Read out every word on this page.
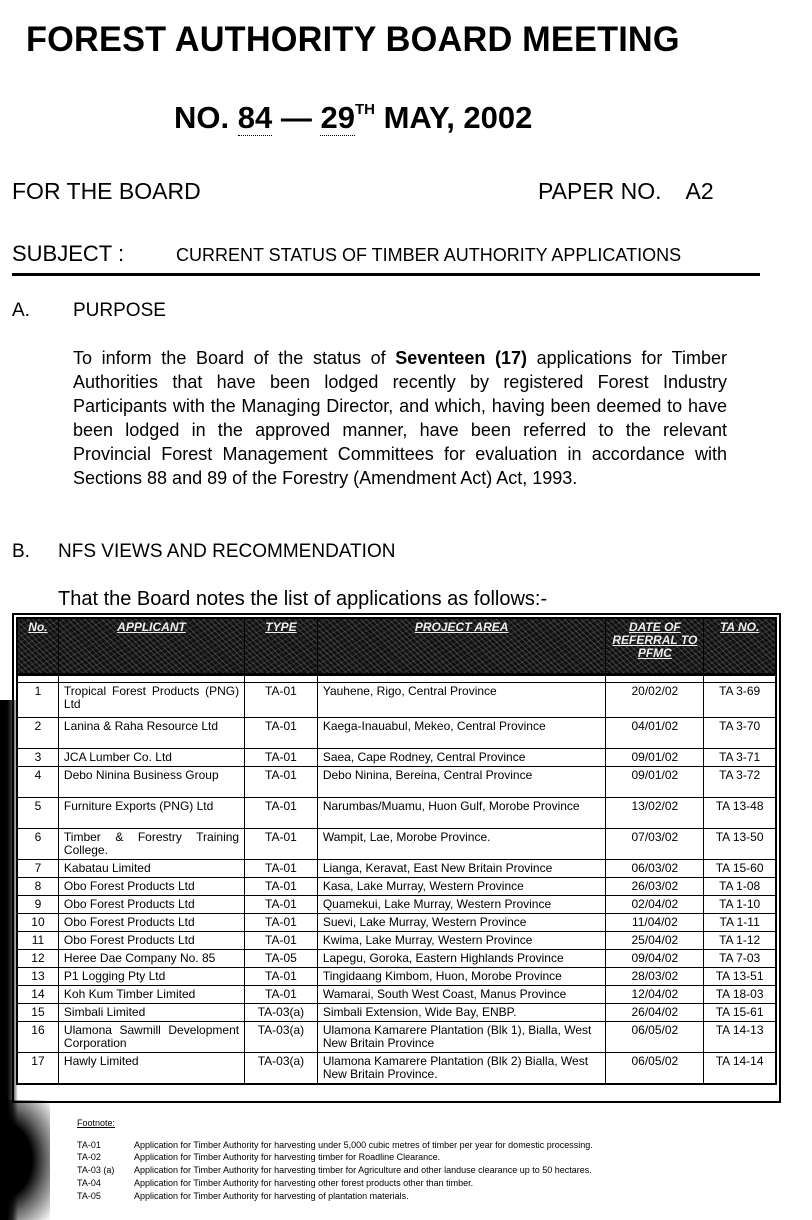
FOREST AUTHORITY BOARD MEETING
NO. 84 — 29TH MAY, 2002
FOR THE BOARD	PAPER NO. A2
SUBJECT :	CURRENT STATUS OF TIMBER AUTHORITY APPLICATIONS
A. PURPOSE
To inform the Board of the status of Seventeen (17) applications for Timber Authorities that have been lodged recently by registered Forest Industry Participants with the Managing Director, and which, having been deemed to have been lodged in the approved manner, have been referred to the relevant Provincial Forest Management Committees for evaluation in accordance with Sections 88 and 89 of the Forestry (Amendment Act) Act, 1993.
B. NFS VIEWS AND RECOMMENDATION
That the Board notes the list of applications as follows:-
No.	APPLICANT	TYPE	PROJECT AREA	DATE OF REFERRAL TO PFMC	TA NO.

1	Tropical Forest Products (PNG) Ltd	TA-01	Yauhene, Rigo, Central Province	20/02/02	TA 3-69
2	Lanina & Raha Resource Ltd	TA-01	Kaega-Inauabul, Mekeo, Central Province	04/01/02	TA 3-70
3	JCA Lumber Co. Ltd	TA-01	Saea, Cape Rodney, Central Province	09/01/02	TA 3-71
4	Debo Ninina Business Group	TA-01	Debo Ninina, Bereina, Central Province	09/01/02	TA 3-72
5	Furniture Exports (PNG) Ltd	TA-01	Narumbas/Muamu, Huon Gulf, Morobe Province	13/02/02	TA 13-48
6	Timber & Forestry Training College.	TA-01	Wampit, Lae, Morobe Province.	07/03/02	TA 13-50
7	Kabatau Limited	TA-01	Lianga, Keravat, East New Britain Province	06/03/02	TA 15-60
8	Obo Forest Products Ltd	TA-01	Kasa, Lake Murray, Western Province	26/03/02	TA 1-08
9	Obo Forest Products Ltd	TA-01	Quamekui, Lake Murray, Western Province	02/04/02	TA 1-10
10	Obo Forest Products Ltd	TA-01	Suevi, Lake Murray, Western Province	11/04/02	TA 1-11
11	Obo Forest Products Ltd	TA-01	Kwima, Lake Murray, Western Province	25/04/02	TA 1-12
12	Heree Dae Company No. 85	TA-05	Lapegu, Goroka, Eastern Highlands Province	09/04/02	TA 7-03
13	P1 Logging Pty Ltd	TA-01	Tingidaang Kimbom, Huon, Morobe Province	28/03/02	TA 13-51
14	Koh Kum Timber Limited	TA-01	Wamarai, South West Coast, Manus Province	12/04/02	TA 18-03
15	Simbali Limited	TA-03(a)	Simbali Extension, Wide Bay, ENBP.	26/04/02	TA 15-61
16	Ulamona Sawmill Development Corporation	TA-03(a)	Ulamona Kamarere Plantation (Blk 1), Bialla, West New Britain Province	06/05/02	TA 14-13
17	Hawly Limited	TA-03(a)	Ulamona Kamarere Plantation (Blk 2) Bialla, West New Britain Province.	06/05/02	TA 14-14
Footnote:
TA-01	Application for Timber Authority for harvesting under 5,000 cubic metres of timber per year for domestic processing.
TA-02	Application for Timber Authority for harvesting timber for Roadline Clearance.
TA-03 (a) Application for Timber Authority for harvesting timber for Agriculture and other landuse clearance up to 50 hectares.
TA-04	Application for Timber Authority for harvesting other forest products other than timber.
TA-05	Application for Timber Authority for harvesting of plantation materials.
